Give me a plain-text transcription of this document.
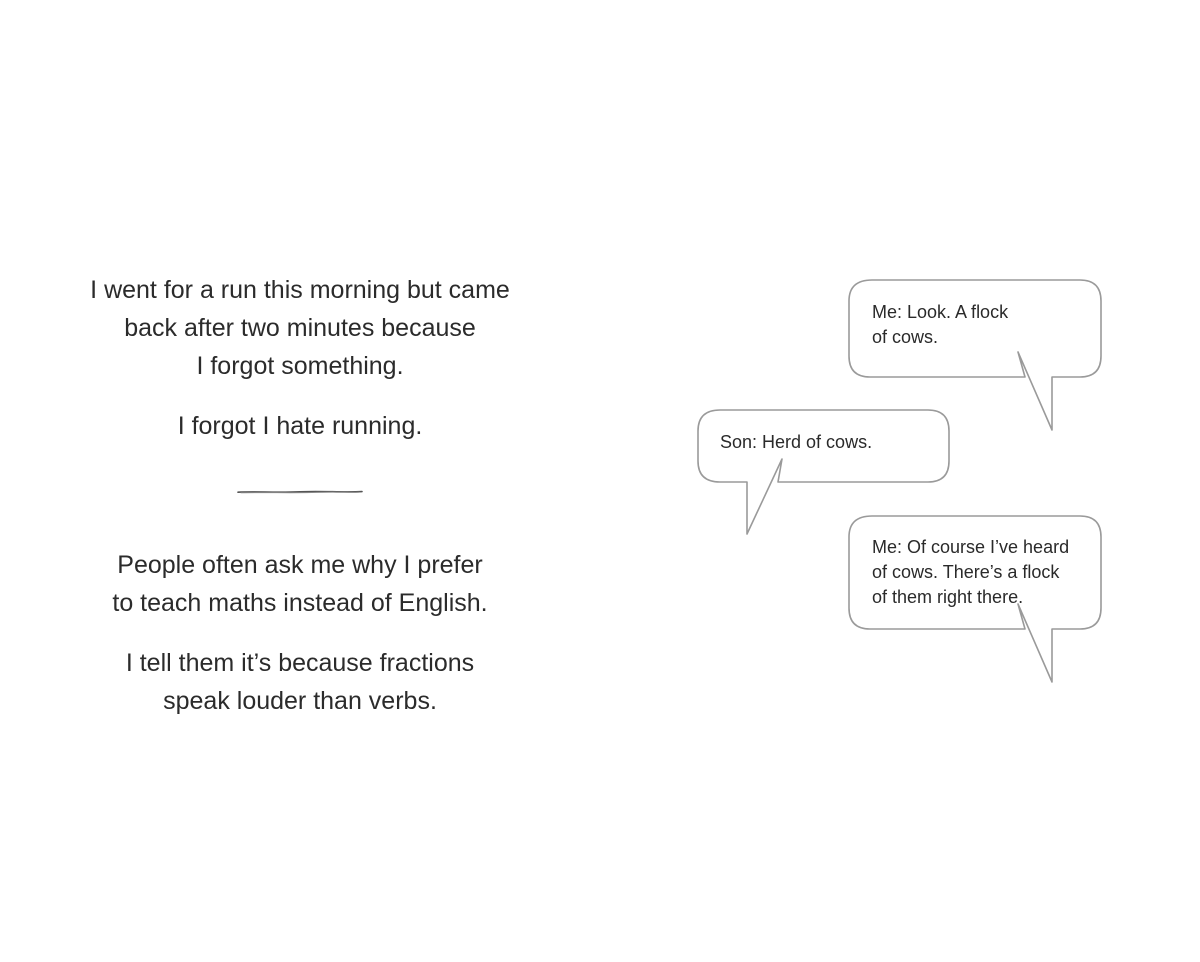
I went for a run this morning but came
back after two minutes because
I forgot something.

I forgot I hate running.

People often ask me why I prefer
to teach maths instead of English.

I tell them it’s because fractions
speak louder than verbs.

Me: Look. A flock
of cows.
Son: Herd of cows.
Me: Of course I’ve heard
of cows. There’s a flock
of them right there.
